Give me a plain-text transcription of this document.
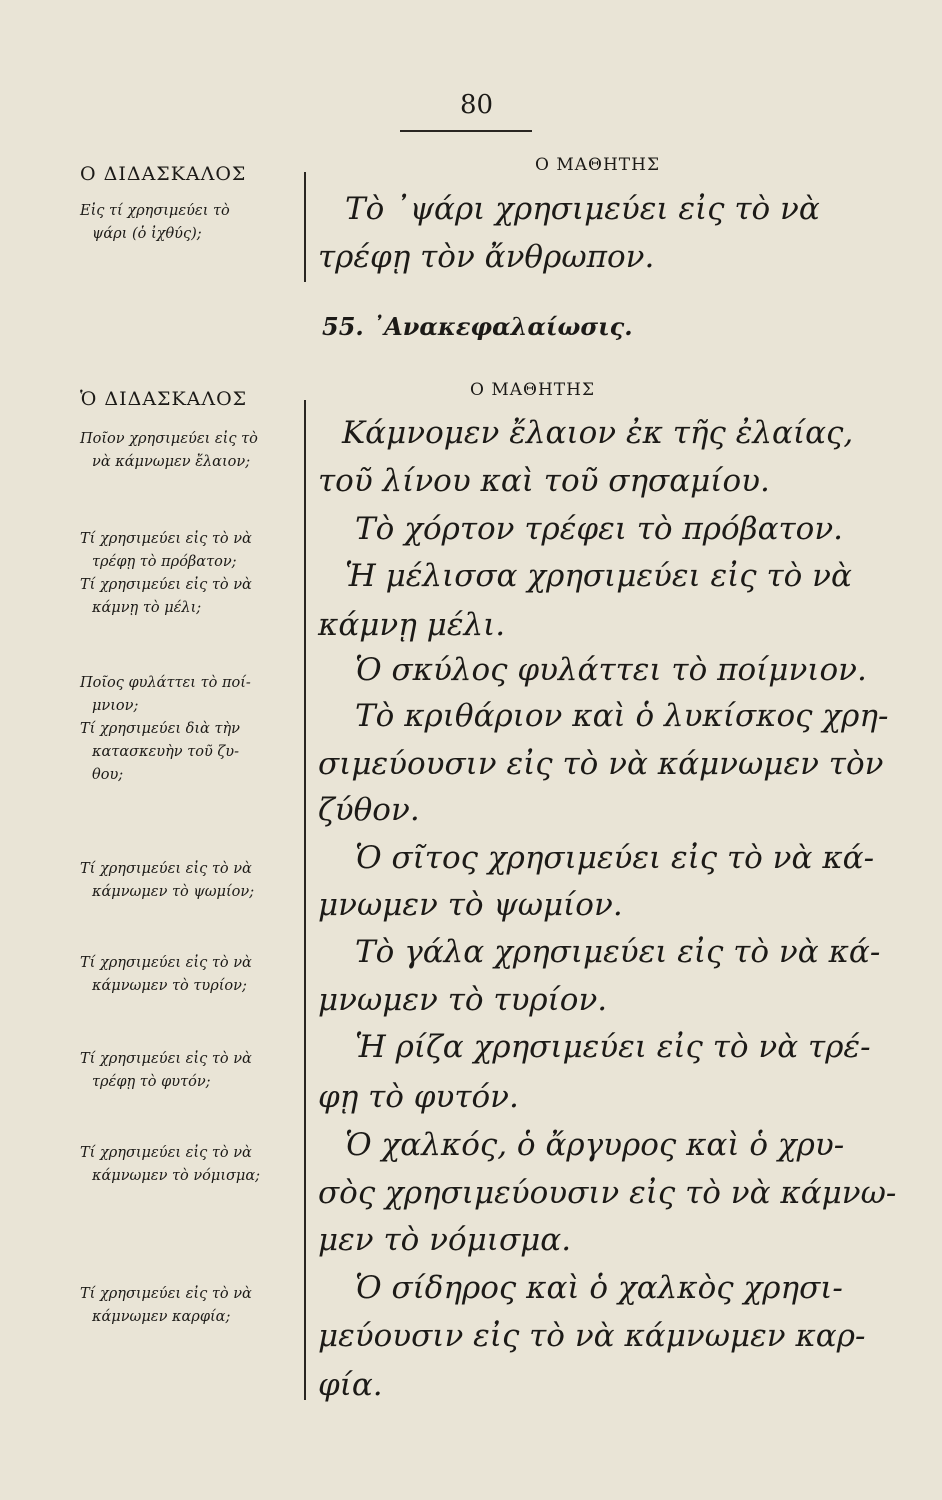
80
Ο ΔΙΔΑΣΚΑΛΟΣ	Ο ΜΑΘΗΤΗΣ
Εἰς τί χρησιμεύει τὸ
ψάρι (ὁ ἰχθύς);
Τὸ ᾿ψάρι χρησιμεύει εἰς τὸ νὰ
τρέφῃ τὸν ἄνθρωπον.
55. ᾿Ανακεφαλαίωσις.
Ὁ ΔΙΔΑΣΚΑΛΟΣ	Ο ΜΑΘΗΤΗΣ
Ποῖον χρησιμεύει εἰς τὸ
νὰ κάμνωμεν ἔλαιον;
Τί χρησιμεύει εἰς τὸ νὰ
τρέφῃ τὸ πρόβατον;
Τί χρησιμεύει εἰς τὸ νὰ
κάμνῃ τὸ μέλι;
Ποῖος φυλάττει τὸ ποί-
μνιον;
Τί χρησιμεύει διὰ τὴν
κατασκευὴν τοῦ ζυ-
θου;
Τί χρησιμεύει εἰς τὸ νὰ
κάμνωμεν τὸ ψωμίον;
Τί χρησιμεύει εἰς τὸ νὰ
κάμνωμεν τὸ τυρίον;
Τί χρησιμεύει εἰς τὸ νὰ
τρέφῃ τὸ φυτόν;
Τί χρησιμεύει εἰς τὸ νὰ
κάμνωμεν τὸ νόμισμα;
Τί χρησιμεύει εἰς τὸ νὰ
κάμνωμεν καρφία;
Κάμνομεν ἔλαιον ἐκ τῆς ἐλαίας,
τοῦ λίνου καὶ τοῦ σησαμίου.
Τὸ χόρτον τρέφει τὸ πρόβατον.
Ἡ μέλισσα χρησιμεύει εἰς τὸ νὰ
κάμνῃ μέλι.
Ὁ σκύλος φυλάττει τὸ ποίμνιον.
Τὸ κριθάριον καὶ ὁ λυκίσκος χρη-
σιμεύουσιν εἰς τὸ νὰ κάμνωμεν τὸν
ζύθον.
Ὁ σῖτος χρησιμεύει εἰς τὸ νὰ κά-
μνωμεν τὸ ψωμίον.
Τὸ γάλα χρησιμεύει εἰς τὸ νὰ κά-
μνωμεν τὸ τυρίον.
Ἡ ρίζα χρησιμεύει εἰς τὸ νὰ τρέ-
φῃ τὸ φυτόν.
Ὁ χαλκός, ὁ ἄργυρος καὶ ὁ χρυ-
σὸς χρησιμεύουσιν εἰς τὸ νὰ κάμνω-
μεν τὸ νόμισμα.
Ὁ σίδηρος καὶ ὁ χαλκὸς χρησι-
μεύουσιν εἰς τὸ νὰ κάμνωμεν καρ-
φία.
